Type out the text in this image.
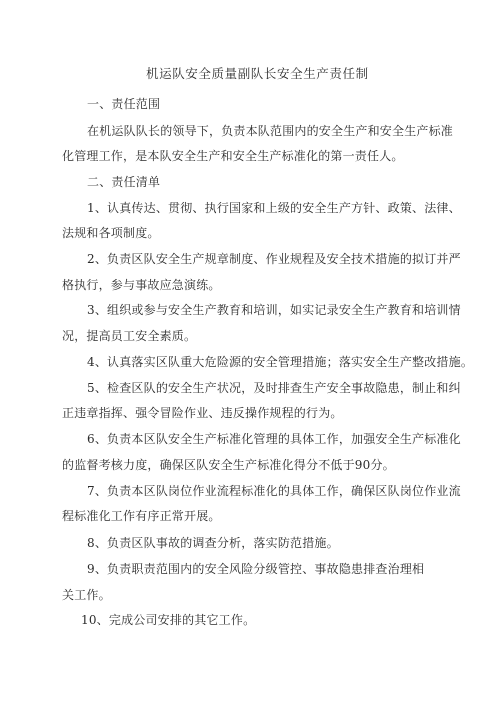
机运队安全质量副队长安全生产责任制
一、责任范围
在机运队队长的领导下，负责本队范围内的安全生产和安全生产标准
化管理工作，是本队安全生产和安全生产标准化的第一责任人。
二、责任清单
1、认真传达、贯彻、执行国家和上级的安全生产方针、政策、法律、
法规和各项制度。
2、负责区队安全生产规章制度、作业规程及安全技术措施的拟订并严
格执行，参与事故应急演练。
3、组织或参与安全生产教育和培训，如实记录安全生产教育和培训情
况，提高员工安全素质。
4、认真落实区队重大危险源的安全管理措施；落实安全生产整改措施。
5、检查区队的安全生产状况，及时排查生产安全事故隐患，制止和纠
正违章指挥、强令冒险作业、违反操作规程的行为。
6、负责本区队安全生产标准化管理的具体工作，加强安全生产标准化
的监督考核力度，确保区队安全生产标准化得分不低于90分。
7、负责本区队岗位作业流程标准化的具体工作，确保区队岗位作业流
程标准化工作有序正常开展。
8、负责区队事故的调查分析，落实防范措施。
9、负责职责范围内的安全风险分级管控、事故隐患排查治理相
关工作。
10、完成公司安排的其它工作。
